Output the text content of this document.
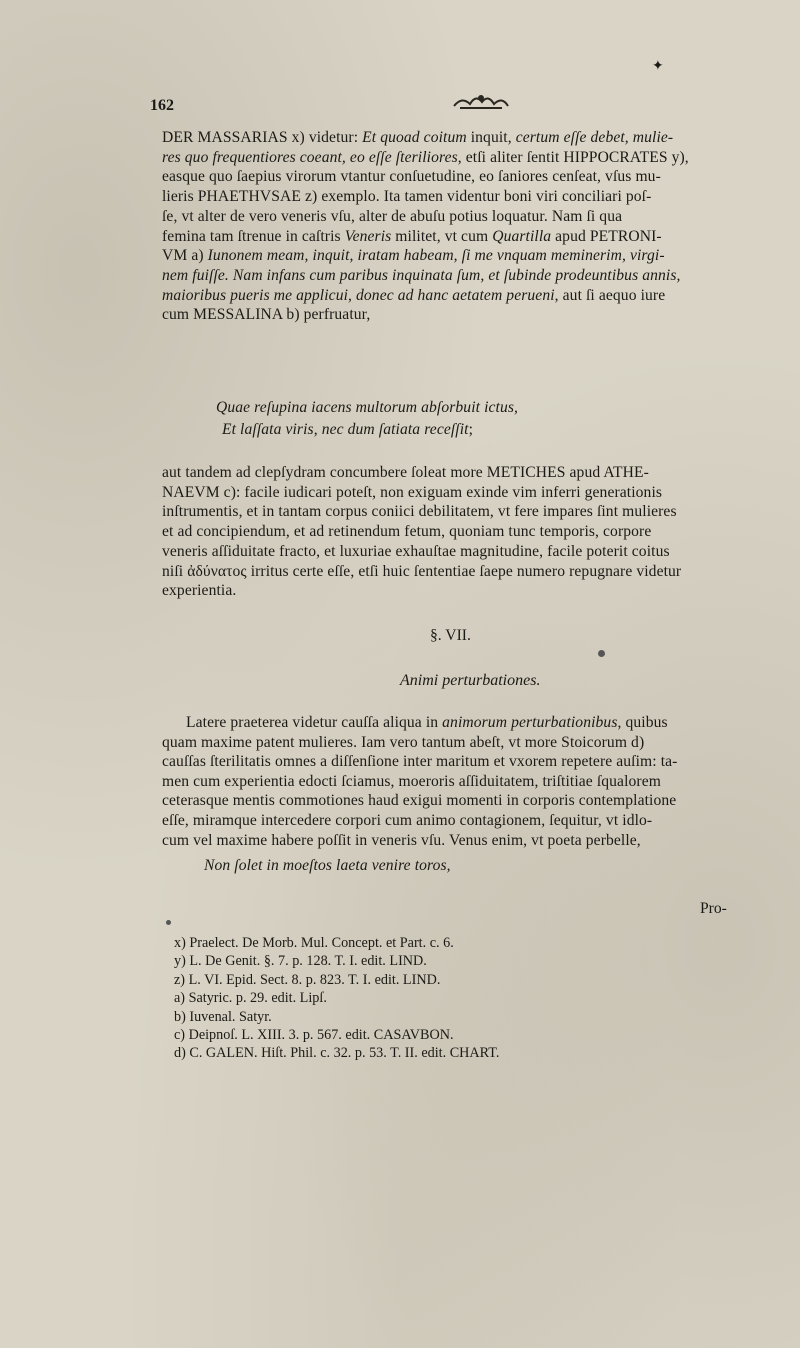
162
✦
DER MASSARIAS x) videtur: Et quoad coitum inquit, certum eſſe debet, mulie-
res quo frequentiores coeant, eo eſſe ſteriliores, etſi aliter ſentit HIPPOCRATES y),
easque quo ſaepius virorum vtantur conſuetudine, eo ſaniores cenſeat, vſus mu-
lieris PHAETHVSAE z) exemplo. Ita tamen videntur boni viri conciliari poſ-
ſe, vt alter de vero veneris vſu, alter de abuſu potius loquatur. Nam ſi qua
femina tam ſtrenue in caſtris Veneris militet, vt cum Quartilla apud PETRONI-
VM a) Iunonem meam, inquit, iratam habeam, ſi me vnquam meminerim, virgi-
nem fuiſſe. Nam infans cum paribus inquinata ſum, et ſubinde prodeuntibus annis,
maioribus pueris me applicui, donec ad hanc aetatem perueni, aut ſi aequo iure
cum MESSALINA b) perfruatur,
Quae reſupina iacens multorum abſorbuit ictus,
Et laſſata viris, nec dum ſatiata receſſit;
aut tandem ad clepſydram concumbere ſoleat more METICHES apud ATHE-
NAEVM c): facile iudicari poteſt, non exiguam exinde vim inferri generationis
inſtrumentis, et in tantam corpus coniici debilitatem, vt fere impares ſint mulieres
et ad concipiendum, et ad retinendum fetum, quoniam tunc temporis, corpore
veneris aſſiduitate fracto, et luxuriae exhauſtae magnitudine, facile poterit coitus
niſi ἀδύνατος irritus certe eſſe, etſi huic ſententiae ſaepe numero repugnare videtur
experientia.
§. VII.
Animi perturbationes.
Latere praeterea videtur cauſſa aliqua in animorum perturbationibus, quibus
quam maxime patent mulieres. Iam vero tantum abeſt, vt more Stoicorum d)
cauſſas ſterilitatis omnes a diſſenſione inter maritum et vxorem repetere auſim: ta-
men cum experientia edocti ſciamus, moeroris aſſiduitatem, triſtitiae ſqualorem
ceterasque mentis commotiones haud exigui momenti in corporis contemplatione
eſſe, miramque intercedere corpori cum animo contagionem, ſequitur, vt idlo-
cum vel maxime habere poſſit in veneris vſu. Venus enim, vt poeta perbelle,
Non ſolet in moeſtos laeta venire toros,
Pro-
x) Praelect. De Morb. Mul. Concept. et Part. c. 6.
y) L. De Genit. §. 7. p. 128. T. I. edit. LIND.
z) L. VI. Epid. Sect. 8. p. 823. T. I. edit. LIND.
a) Satyric. p. 29. edit. Lipſ.
b) Iuvenal. Satyr.
c) Deipnoſ. L. XIII. 3. p. 567. edit. CASAVBON.
d) C. GALEN. Hiſt. Phil. c. 32. p. 53. T. II. edit. CHART.
